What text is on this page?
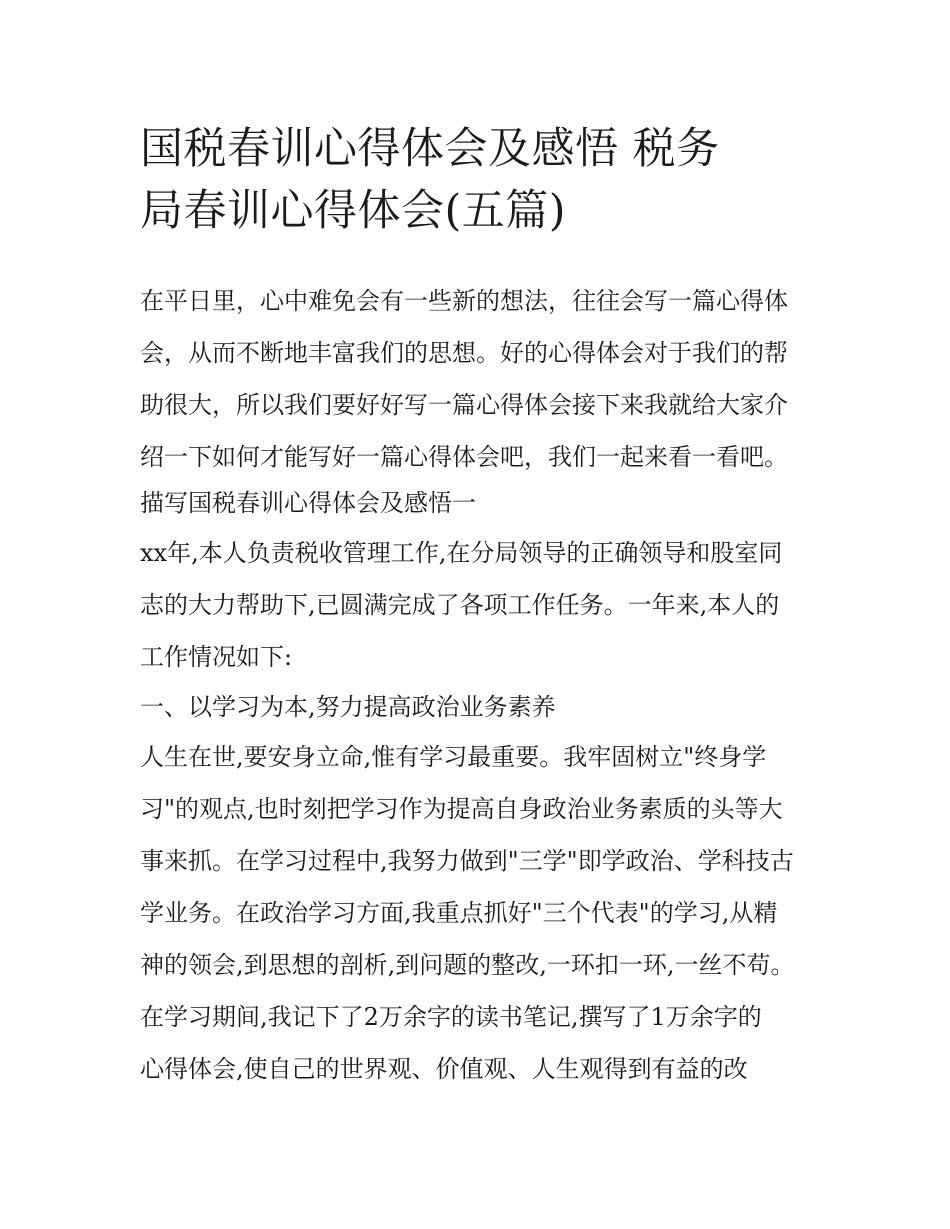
国税春训心得体会及感悟 税务
局春训心得体会(五篇)

在平日里，心中难免会有一些新的想法，往往会写一篇心得体

会，从而不断地丰富我们的思想。好的心得体会对于我们的帮

助很大，所以我们要好好写一篇心得体会接下来我就给大家介

绍一下如何才能写好一篇心得体会吧，我们一起来看一看吧。

描写国税春训心得体会及感悟一

xx年,本人负责税收管理工作,在分局领导的正确领导和股室同

志的大力帮助下,已圆满完成了各项工作任务。一年来,本人的

工作情况如下:

一、以学习为本,努力提高政治业务素养

人生在世,要安身立命,惟有学习最重要。我牢固树立"终身学

习"的观点,也时刻把学习作为提高自身政治业务素质的头等大

事来抓。在学习过程中,我努力做到"三学"即学政治、学科技古

学业务。在政治学习方面,我重点抓好"三个代表"的学习,从精

神的领会,到思想的剖析,到问题的整改,一环扣一环,一丝不苟。

在学习期间,我记下了2万余字的读书笔记,撰写了1万余字的

心得体会,使自己的世界观、价值观、人生观得到有益的改
